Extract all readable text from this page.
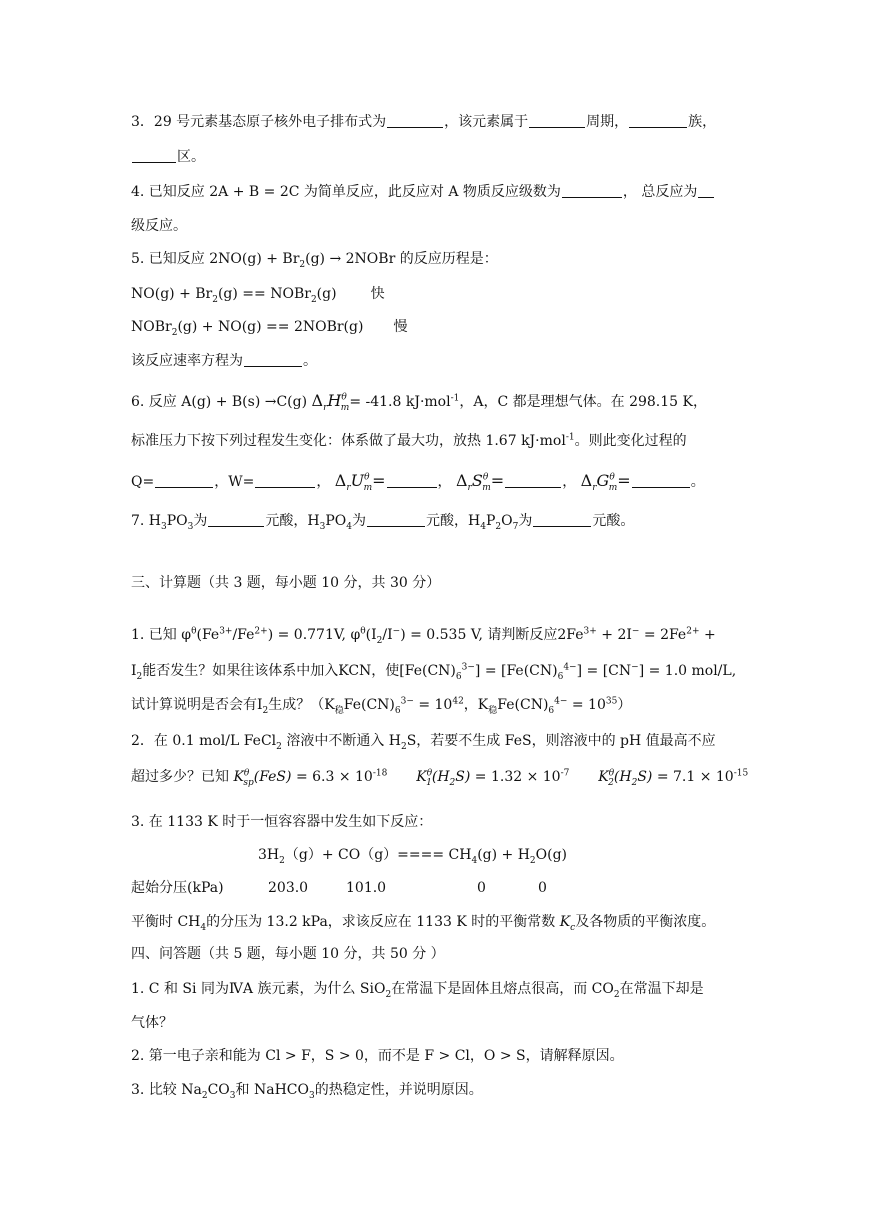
3．29 号元素基态原子核外电子排布式为	，该元素属于	周期，	族，
区。
4. 已知反应 2A + B = 2C 为简单反应，此反应对 A 物质反应级数为	， 总反应为
级反应。
5. 已知反应 $2NO(g) + Br_2(g)$ → 2NOBr 的反应历程是：
$NO(g) + Br_2(g)$ == NOBr$_2$(g) 快
NOBr$_2$(g) + NO(g) == 2NOBr(g) 慢
该反应速率方程为	。
6. 反应 A(g) + B(s) →C(g) $\Delta_rH^\theta_m= -41.8$ kJ·mol$^{-1}$，A，C 都是理想气体。在 298.15 K，
标准压力下按下列过程发生变化：体系做了最大功，放热 1.67 kJ·mol$^{-1}$。则此变化过程的
Q=	，W=	， $\Delta_rU^\theta_m=$	， $\Delta_rS^\theta_m=$	， $\Delta_rG^\theta_m=$	。
7. $H_3PO_3$为	元酸，$H_3PO_4$为	元酸，$H_4P_2O_7$为	元酸。
三、计算题（共 3 题，每小题 10 分，共 30 分）
1. 已知 $\varphi^\theta(Fe^{3+}/Fe^{2+}) = 0.771V$, $\varphi^\theta(I_2/I^-) = 0.535$ V, 请判断反应$2Fe^{3+} + 2I^- = 2Fe^{2+}$ +
$I_2$能否发生？如果往该体系中加入KCN，使$[Fe(CN)_6^{3-}] = [Fe(CN)_6^{4-}] = [CN^-] = 1.0$ mol/L,
试计算说明是否会有$I_2$生成？（$K_稳Fe(CN)_6^{3-} = 10^{42}$，$K_稳Fe(CN)_6^{4-} = 10^{35}$）
2．在 0.1 mol/L FeCl$_2$ 溶液中不断通入 $H_2S$，若要不生成 FeS，则溶液中的 pH 值最高不应
超过多少？已知 $K^\theta_{sp}(FeS) = 6.3 \times 10^{-18}$ $K^\theta_1(H_2S) = 1.32 \times 10^{-7}$ $K^\theta_2(H_2S) = 7.1 \times 10^{-15}$
3. 在 1133 K 时于一恒容容器中发生如下反应：
$3H_2(g)+ CO(g)==== CH_4(g) + H_2O(g)$
起始分压(kPa)	203.0	101.0	0	0
平衡时 $CH_4$的分压为 13.2 kPa，求该反应在 1133 K 时的平衡常数 $K_c$及各物质的平衡浓度。
四、问答题（共 5 题，每小题 10 分，共 50 分 ）
1. C 和 Si 同为ⅣA 族元素，为什么 SiO$_2$在常温下是固体且熔点很高，而 $CO_2$在常温下却是
气体？
2. 第一电子亲和能为 Cl > F，S > 0，而不是 F > Cl，O > S，请解释原因。
3. 比较 $Na_2CO_3$和 NaHCO$_3$的热稳定性，并说明原因。
